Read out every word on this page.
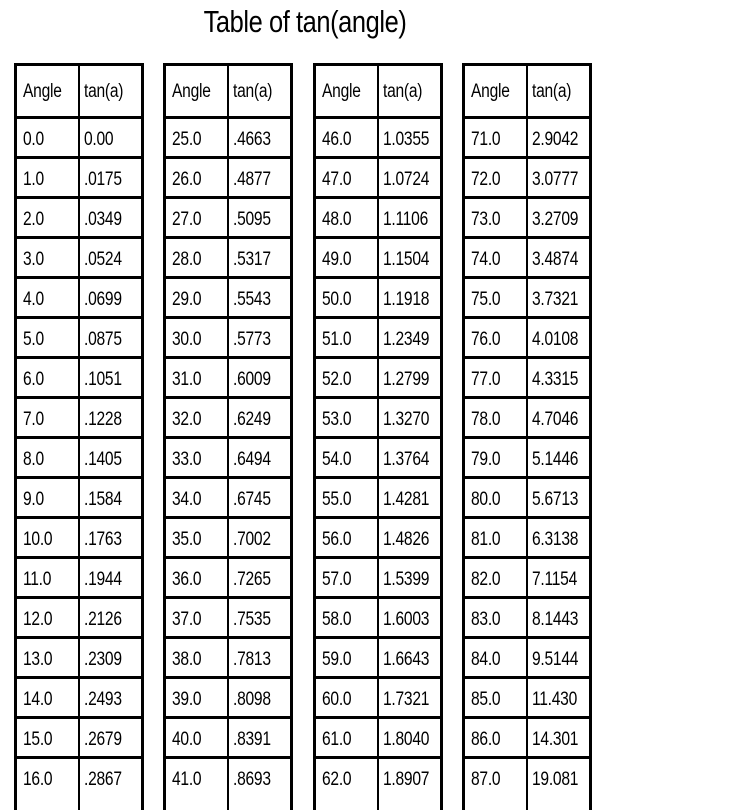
Table of tan(angle)
Angle tan(a)
0.0 0.00
1.0 .0175
2.0 .0349
3.0 .0524
4.0 .0699
5.0 .0875
6.0 .1051
7.0 .1228
8.0 .1405
9.0 .1584
10.0 .1763
11.0 .1944
12.0 .2126
13.0 .2309
14.0 .2493
15.0 .2679
16.0 .2867
Angle tan(a)
25.0 .4663
26.0 .4877
27.0 .5095
28.0 .5317
29.0 .5543
30.0 .5773
31.0 .6009
32.0 .6249
33.0 .6494
34.0 .6745
35.0 .7002
36.0 .7265
37.0 .7535
38.0 .7813
39.0 .8098
40.0 .8391
41.0 .8693
Angle tan(a)
46.0 1.0355
47.0 1.0724
48.0 1.1106
49.0 1.1504
50.0 1.1918
51.0 1.2349
52.0 1.2799
53.0 1.3270
54.0 1.3764
55.0 1.4281
56.0 1.4826
57.0 1.5399
58.0 1.6003
59.0 1.6643
60.0 1.7321
61.0 1.8040
62.0 1.8907
Angle tan(a)
71.0 2.9042
72.0 3.0777
73.0 3.2709
74.0 3.4874
75.0 3.7321
76.0 4.0108
77.0 4.3315
78.0 4.7046
79.0 5.1446
80.0 5.6713
81.0 6.3138
82.0 7.1154
83.0 8.1443
84.0 9.5144
85.0 11.430
86.0 14.301
87.0 19.081
